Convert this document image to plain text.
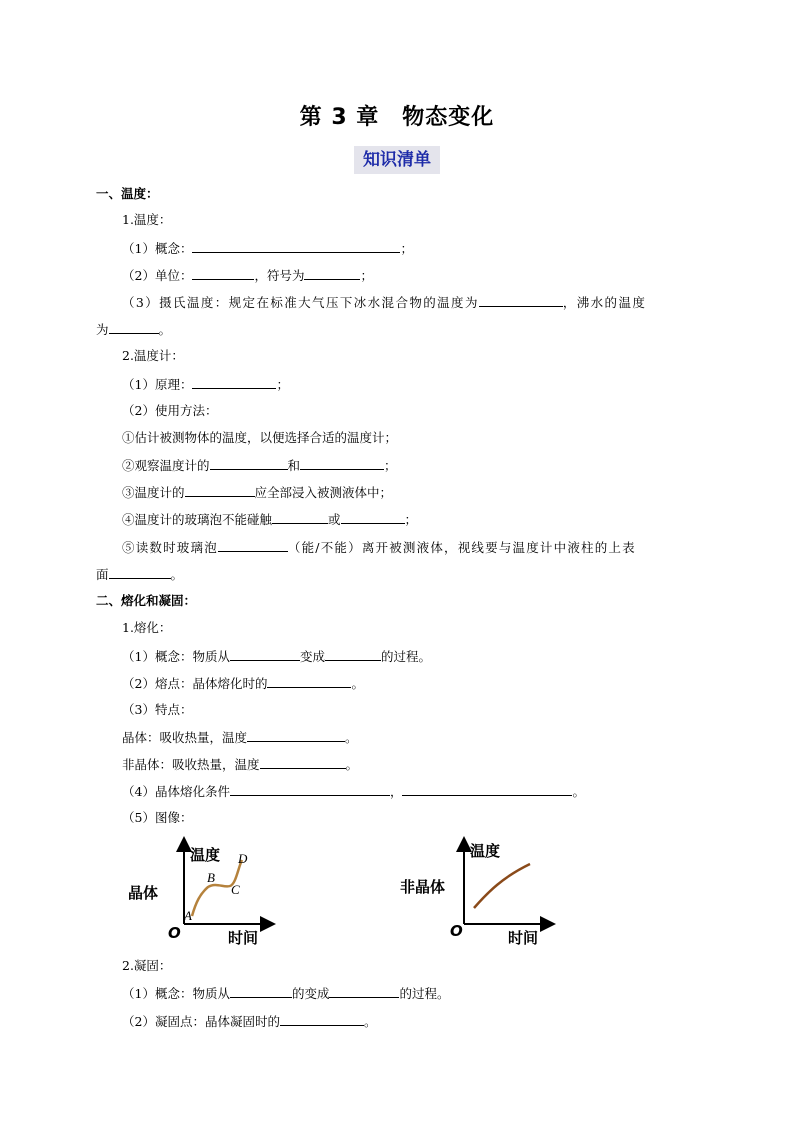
第 3 章　物态变化
知识清单
一、温度：
1.温度：
（1）概念：	；
（2）单位：	，符号为	；
（3）摄氏温度：规定在标准大气压下冰水混合物的温度为	，沸水的温度
为	。
2.温度计：
（1）原理：	；
（2）使用方法：
①估计被测物体的温度，以便选择合适的温度计；
②观察温度计的	和	；
③温度计的	应全部浸入被测液体中；
④温度计的玻璃泡不能碰触	或	；
⑤读数时玻璃泡	（能/不能）离开被测液体，视线要与温度计中液柱的上表
面	。
二、熔化和凝固：
1.熔化：
（1）概念：物质从	变成	的过程。
（2）熔点：晶体熔化时的	。
（3）特点：
晶体：吸收热量，温度	。
非晶体：吸收热量，温度	。
（4）晶体熔化条件	，	。
（5）图像：
晶体
温度
时间
O
A
B
C
D
非晶体
温度
时间
O
2.凝固：
（1）概念：物质从	的变成	的过程。
（2）凝固点：晶体凝固时的	。
